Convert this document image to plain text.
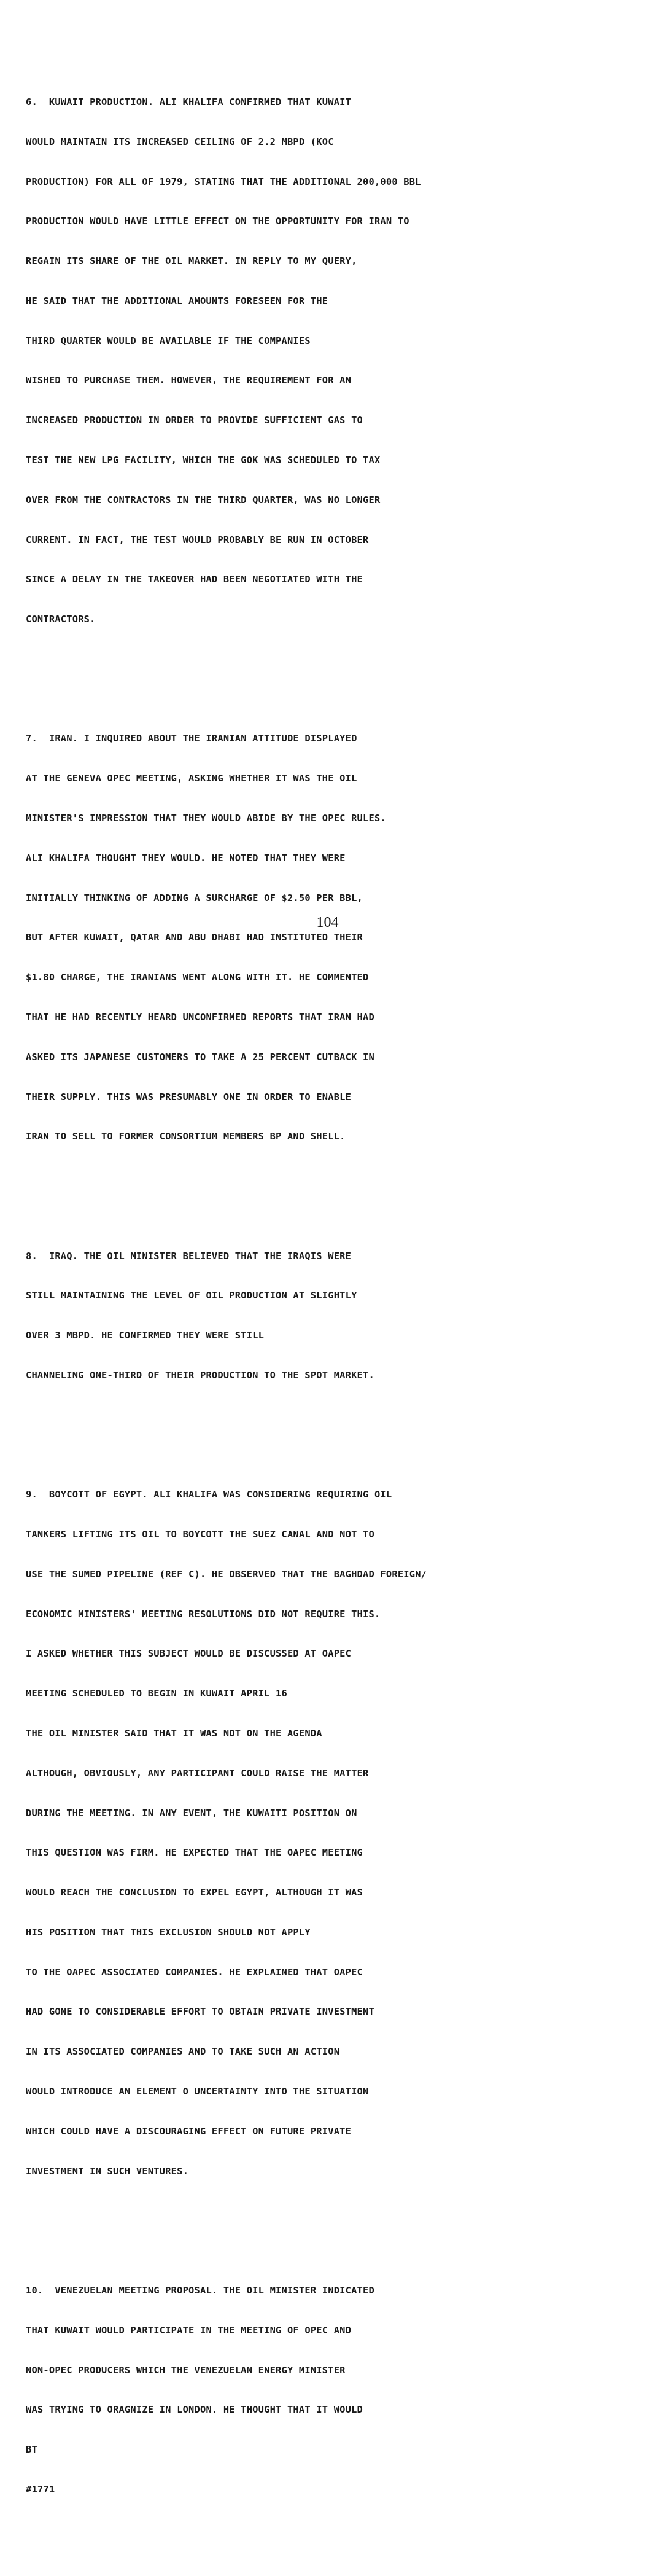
6.  KUWAIT PRODUCTION. ALI KHALIFA CONFIRMED THAT KUWAIT

WOULD MAINTAIN ITS INCREASED CEILING OF 2.2 MBPD (KOC

PRODUCTION) FOR ALL OF 1979, STATING THAT THE ADDITIONAL 200,000 BBL

PRODUCTION WOULD HAVE LITTLE EFFECT ON THE OPPORTUNITY FOR IRAN TO

REGAIN ITS SHARE OF THE OIL MARKET. IN REPLY TO MY QUERY,

HE SAID THAT THE ADDITIONAL AMOUNTS FORESEEN FOR THE

THIRD QUARTER WOULD BE AVAILABLE IF THE COMPANIES

WISHED TO PURCHASE THEM. HOWEVER, THE REQUIREMENT FOR AN

INCREASED PRODUCTION IN ORDER TO PROVIDE SUFFICIENT GAS TO

TEST THE NEW LPG FACILITY, WHICH THE GOK WAS SCHEDULED TO TAX

OVER FROM THE CONTRACTORS IN THE THIRD QUARTER, WAS NO LONGER

CURRENT. IN FACT, THE TEST WOULD PROBABLY BE RUN IN OCTOBER

SINCE A DELAY IN THE TAKEOVER HAD BEEN NEGOTIATED WITH THE

CONTRACTORS.

7.  IRAN. I INQUIRED ABOUT THE IRANIAN ATTITUDE DISPLAYED

AT THE GENEVA OPEC MEETING, ASKING WHETHER IT WAS THE OIL

MINISTER'S IMPRESSION THAT THEY WOULD ABIDE BY THE OPEC RULES.

ALI KHALIFA THOUGHT THEY WOULD. HE NOTED THAT THEY WERE

INITIALLY THINKING OF ADDING A SURCHARGE OF $2.50 PER BBL,

BUT AFTER KUWAIT, QATAR AND ABU DHABI HAD INSTITUTED THEIR

$1.80 CHARGE, THE IRANIANS WENT ALONG WITH IT. HE COMMENTED

THAT HE HAD RECENTLY HEARD UNCONFIRMED REPORTS THAT IRAN HAD

ASKED ITS JAPANESE CUSTOMERS TO TAKE A 25 PERCENT CUTBACK IN

THEIR SUPPLY. THIS WAS PRESUMABLY ONE IN ORDER TO ENABLE

IRAN TO SELL TO FORMER CONSORTIUM MEMBERS BP AND SHELL.

8.  IRAQ. THE OIL MINISTER BELIEVED THAT THE IRAQIS WERE

STILL MAINTAINING THE LEVEL OF OIL PRODUCTION AT SLIGHTLY

OVER 3 MBPD. HE CONFIRMED THEY WERE STILL

CHANNELING ONE-THIRD OF THEIR PRODUCTION TO THE SPOT MARKET.

9.  BOYCOTT OF EGYPT. ALI KHALIFA WAS CONSIDERING REQUIRING OIL

TANKERS LIFTING ITS OIL TO BOYCOTT THE SUEZ CANAL AND NOT TO

USE THE SUMED PIPELINE (REF C). HE OBSERVED THAT THE BAGHDAD FOREIGN/

ECONOMIC MINISTERS' MEETING RESOLUTIONS DID NOT REQUIRE THIS.

I ASKED WHETHER THIS SUBJECT WOULD BE DISCUSSED AT OAPEC

MEETING SCHEDULED TO BEGIN IN KUWAIT APRIL 16

THE OIL MINISTER SAID THAT IT WAS NOT ON THE AGENDA

ALTHOUGH, OBVIOUSLY, ANY PARTICIPANT COULD RAISE THE MATTER

DURING THE MEETING. IN ANY EVENT, THE KUWAITI POSITION ON

THIS QUESTION WAS FIRM. HE EXPECTED THAT THE OAPEC MEETING

WOULD REACH THE CONCLUSION TO EXPEL EGYPT, ALTHOUGH IT WAS

HIS POSITION THAT THIS EXCLUSION SHOULD NOT APPLY

TO THE OAPEC ASSOCIATED COMPANIES. HE EXPLAINED THAT OAPEC

HAD GONE TO CONSIDERABLE EFFORT TO OBTAIN PRIVATE INVESTMENT

IN ITS ASSOCIATED COMPANIES AND TO TAKE SUCH AN ACTION

WOULD INTRODUCE AN ELEMENT O UNCERTAINTY INTO THE SITUATION

WHICH COULD HAVE A DISCOURAGING EFFECT ON FUTURE PRIVATE

INVESTMENT IN SUCH VENTURES.

10.  VENEZUELAN MEETING PROPOSAL. THE OIL MINISTER INDICATED

THAT KUWAIT WOULD PARTICIPATE IN THE MEETING OF OPEC AND

NON-OPEC PRODUCERS WHICH THE VENEZUELAN ENERGY MINISTER

WAS TRYING TO ORAGNIZE IN LONDON. HE THOUGHT THAT IT WOULD

BT

#1771

104
